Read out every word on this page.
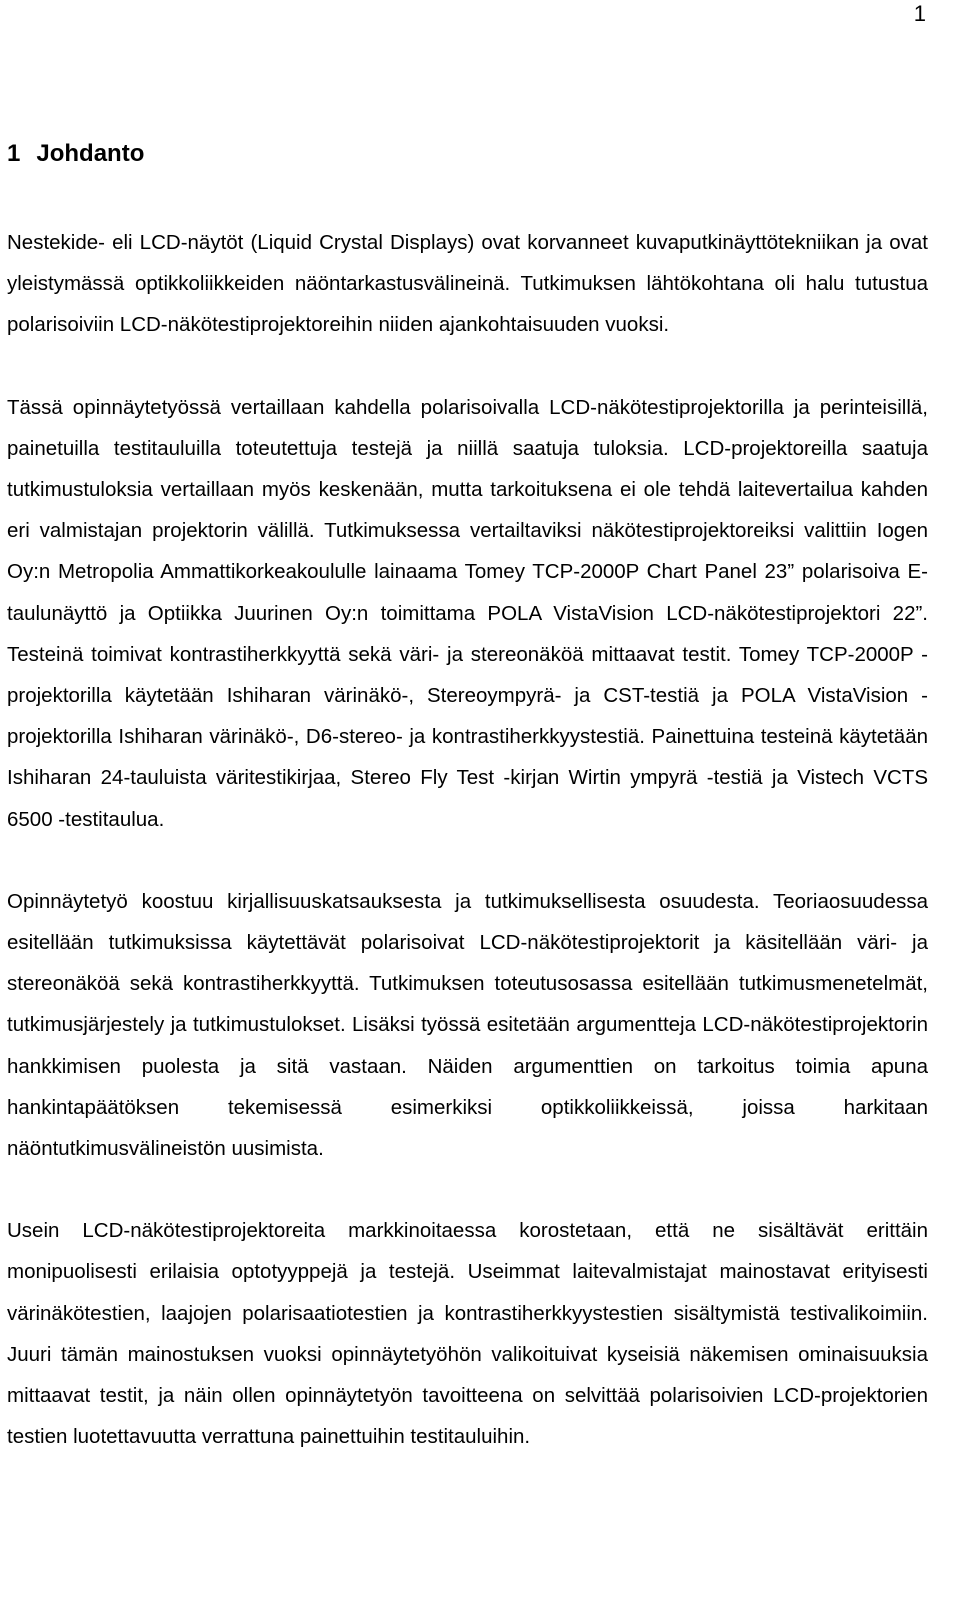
1
1 Johdanto

Nestekide- eli LCD-näytöt (Liquid Crystal Displays) ovat korvanneet kuvaputkinäyttötekniikan ja ovat yleistymässä optikkoliikkeiden näöntarkastusvälineinä. Tutkimuksen lähtökohtana oli halu tutustua polarisoiviin LCD-näkötestiprojektoreihin niiden ajankohtaisuuden vuoksi.

Tässä opinnäytetyössä vertaillaan kahdella polarisoivalla LCD-näkötestiprojektorilla ja perinteisillä, painetuilla testitauluilla toteutettuja testejä ja niillä saatuja tuloksia. LCD-projektoreilla saatuja tutkimustuloksia vertaillaan myös keskenään, mutta tarkoituksena ei ole tehdä laitevertailua kahden eri valmistajan projektorin välillä. Tutkimuksessa vertailtaviksi näkötestiprojektoreiksi valittiin Iogen Oy:n Metropolia Ammattikorkeakoululle lainaama Tomey TCP-2000P Chart Panel 23” polarisoiva E-taulunäyttö ja Optiikka Juurinen Oy:n toimittama POLA VistaVision LCD-näkötestiprojektori 22”. Testeinä toimivat kontrastiherkkyyttä sekä väri- ja stereonäköä mittaavat testit. Tomey TCP-2000P -projektorilla käytetään Ishiharan värinäkö-, Stereoympyrä- ja CST-testiä ja POLA VistaVision -projektorilla Ishiharan värinäkö-, D6-stereo- ja kontrastiherkkyystestiä. Painettuina testeinä käytetään Ishiharan 24-tauluista väritestikirjaa, Stereo Fly Test -kirjan Wirtin ympyrä -testiä ja Vistech VCTS 6500 -testitaulua.

Opinnäytetyö koostuu kirjallisuuskatsauksesta ja tutkimuksellisesta osuudesta. Teoriaosuudessa esitellään tutkimuksissa käytettävät polarisoivat LCD-näkötestiprojektorit ja käsitellään väri- ja stereonäköä sekä kontrastiherkkyyttä. Tutkimuksen toteutusosassa esitellään tutkimusmenetelmät, tutkimusjärjestely ja tutkimustulokset. Lisäksi työssä esitetään argumentteja LCD-näkötestiprojektorin hankkimisen puolesta ja sitä vastaan. Näiden argumenttien on tarkoitus toimia apuna hankintapäätöksen tekemisessä esimerkiksi optikkoliikkeissä, joissa harkitaan näöntutkimusvälineistön uusimista.

Usein LCD-näkötestiprojektoreita markkinoitaessa korostetaan, että ne sisältävät erittäin monipuolisesti erilaisia optotyyppejä ja testejä. Useimmat laitevalmistajat mainostavat erityisesti värinäkötestien, laajojen polarisaatiotestien ja kontrastiherkkyystestien sisältymistä testivalikoimiin. Juuri tämän mainostuksen vuoksi opinnäytetyöhön valikoituivat kyseisiä näkemisen ominaisuuksia mittaavat testit, ja näin ollen opinnäytetyön tavoitteena on selvittää polarisoivien LCD-projektorien testien luotettavuutta verrattuna painettuihin testitauluihin.
